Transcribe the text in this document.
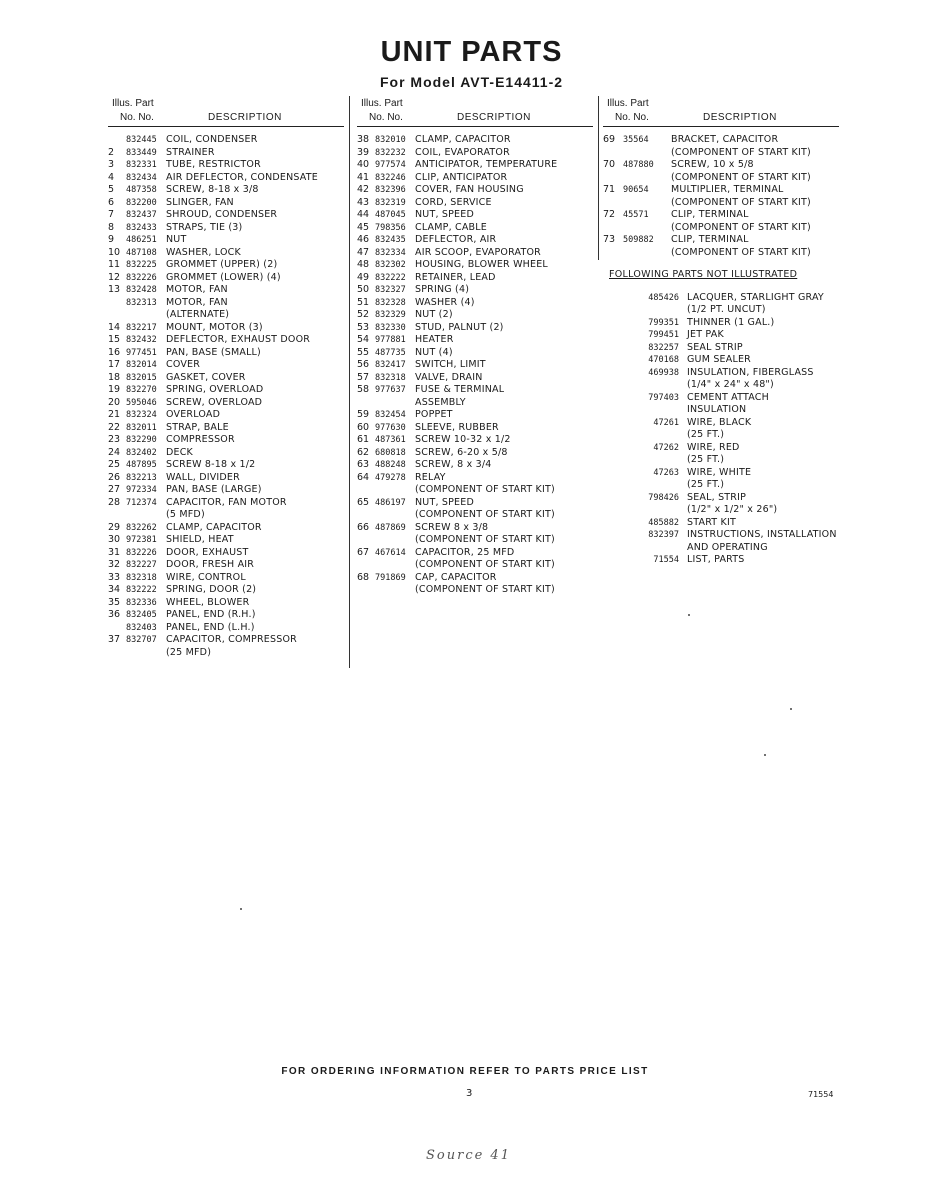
UNIT PARTS
For Model AVT-E14411-2
Illus. Part
No. No.	DESCRIPTION
832445 COIL, CONDENSER
2	833449 STRAINER
3	832331 TUBE, RESTRICTOR
4	832434 AIR DEFLECTOR, CONDENSATE
5	487358 SCREW, 8-18 x 3/8
6	832200 SLINGER, FAN
7	832437 SHROUD, CONDENSER
8	832433 STRAPS, TIE (3)
9	486251 NUT
10 487108 WASHER, LOCK
11 832225 GROMMET (UPPER) (2)
12 832226 GROMMET (LOWER) (4)
13 832428 MOTOR, FAN
832313 MOTOR, FAN
(ALTERNATE)
14 832217 MOUNT, MOTOR (3)
15 832432 DEFLECTOR, EXHAUST DOOR
16 977451 PAN, BASE (SMALL)
17 832014 COVER
18 832015 GASKET, COVER
19 832270 SPRING, OVERLOAD
20 595046 SCREW, OVERLOAD
21 832324 OVERLOAD
22 832011 STRAP, BALE
23 832290 COMPRESSOR
24 832402 DECK
25 487895 SCREW 8-18 x 1/2
26 832213 WALL, DIVIDER
27 972334 PAN, BASE (LARGE)
28 712374 CAPACITOR, FAN MOTOR
(5 MFD)
29 832262 CLAMP, CAPACITOR
30 972381 SHIELD, HEAT
31 832226 DOOR, EXHAUST
32 832227 DOOR, FRESH AIR
33 832318 WIRE, CONTROL
34 832222 SPRING, DOOR (2)
35 832336 WHEEL, BLOWER
36 832405 PANEL, END (R.H.)
832403 PANEL, END (L.H.)
37 832707 CAPACITOR, COMPRESSOR
(25 MFD)
Illus. Part
No. No.	DESCRIPTION
38 832010 CLAMP, CAPACITOR
39 832232 COIL, EVAPORATOR
40 977574 ANTICIPATOR, TEMPERATURE
41 832246 CLIP, ANTICIPATOR
42 832396 COVER, FAN HOUSING
43 832319 CORD, SERVICE
44 487045 NUT, SPEED
45 798356 CLAMP, CABLE
46 832435 DEFLECTOR, AIR
47 832334 AIR SCOOP, EVAPORATOR
48 832302 HOUSING, BLOWER WHEEL
49 832222 RETAINER, LEAD
50 832327 SPRING (4)
51 832328 WASHER (4)
52 832329 NUT (2)
53 832330 STUD, PALNUT (2)
54 977881 HEATER
55 487735 NUT (4)
56 832417 SWITCH, LIMIT
57 832318 VALVE, DRAIN
58 977637 FUSE & TERMINAL
ASSEMBLY
59 832454 POPPET
60 977630 SLEEVE, RUBBER
61 487361 SCREW 10-32 x 1/2
62 680818 SCREW, 6-20 x 5/8
63 488248 SCREW, 8 x 3/4
64 479278 RELAY
(COMPONENT OF START KIT)
65 486197 NUT, SPEED
(COMPONENT OF START KIT)
66 487869 SCREW 8 x 3/8
(COMPONENT OF START KIT)
67 467614 CAPACITOR, 25 MFD
(COMPONENT OF START KIT)
68 791869 CAP, CAPACITOR
(COMPONENT OF START KIT)
Illus. Part
No. No.	DESCRIPTION
69 35564	BRACKET, CAPACITOR
(COMPONENT OF START KIT)
70 487880	SCREW, 10 x 5/8
(COMPONENT OF START KIT)
71 90654	MULTIPLIER, TERMINAL
(COMPONENT OF START KIT)
72 45571	CLIP, TERMINAL
(COMPONENT OF START KIT)
73 509882	CLIP, TERMINAL
(COMPONENT OF START KIT)
FOLLOWING PARTS NOT ILLUSTRATED
485426 LACQUER, STARLIGHT GRAY
(1/2 PT. UNCUT)
799351 THINNER (1 GAL.)
799451 JET PAK
832257 SEAL STRIP
470168 GUM SEALER
469938 INSULATION, FIBERGLASS
(1/4" x 24" x 48")
797403 CEMENT ATTACH
INSULATION
47261 WIRE, BLACK
(25 FT.)
47262 WIRE, RED
(25 FT.)
47263 WIRE, WHITE
(25 FT.)
798426 SEAL, STRIP
(1/2" x 1/2" x 26")
485882 START KIT
832397 INSTRUCTIONS, INSTALLATION
AND OPERATING
71554 LIST, PARTS
FOR ORDERING INFORMATION REFER TO PARTS PRICE LIST
3	71554
Source 41
